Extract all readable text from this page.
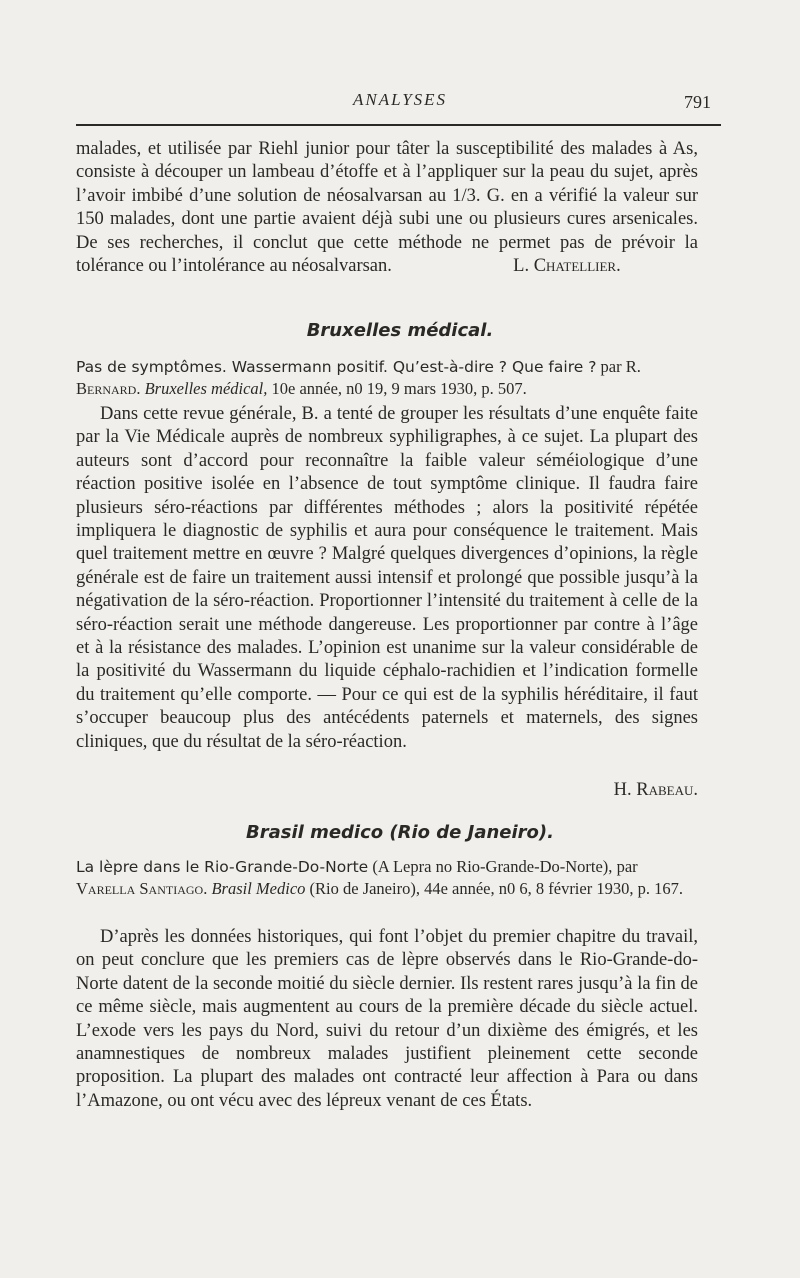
ANALYSES	791

malades, et utilisée par Riehl junior pour tâter la susceptibilité des malades à As, consiste à découper un lambeau d’étoffe et à l’appliquer sur la peau du sujet, après l’avoir imbibé d’une solution de néosalvarsan au 1/3. G. en a vérifié la valeur sur 150 malades, dont une partie avaient déjà subi une ou plusieurs cures arsenicales. De ses recherches, il conclut que cette méthode ne permet pas de prévoir la tolérance ou l’intolérance au néosalvarsan.	L. Chatellier.

Bruxelles médical.

Pas de symptômes. Wassermann positif. Qu’est-à-dire ? Que faire ? par R. Bernard. Bruxelles médical, 10e année, n0 19, 9 mars 1930, p. 507.

Dans cette revue générale, B. a tenté de grouper les résultats d’une enquête faite par la Vie Médicale auprès de nombreux syphiligraphes, à ce sujet. La plupart des auteurs sont d’accord pour reconnaître la faible valeur séméiologique d’une réaction positive isolée en l’absence de tout symptôme clinique. Il faudra faire plusieurs séro-réactions par différentes méthodes ; alors la positivité répétée impliquera le diagnostic de syphilis et aura pour conséquence le traitement. Mais quel traitement mettre en œuvre ? Malgré quelques divergences d’opinions, la règle générale est de faire un traitement aussi intensif et prolongé que possible jusqu’à la négativation de la séro-réaction. Proportionner l’intensité du traitement à celle de la séro-réaction serait une méthode dangereuse. Les proportionner par contre à l’âge et à la résistance des malades. L’opinion est unanime sur la valeur considérable de la positivité du Wassermann du liquide céphalo-rachidien et l’indication formelle du traitement qu’elle comporte. — Pour ce qui est de la syphilis héréditaire, il faut s’occuper beaucoup plus des antécédents paternels et maternels, des signes cliniques, que du résultat de la séro-réaction.

H. Rabeau.
Brasil medico (Rio de Janeiro).

La lèpre dans le Rio-Grande-Do-Norte (A Lepra no Rio-Grande-Do-Norte), par Varella Santiago. Brasil Medico (Rio de Janeiro), 44e année, n0 6, 8 février 1930, p. 167.

D’après les données historiques, qui font l’objet du premier chapitre du travail, on peut conclure que les premiers cas de lèpre observés dans le Rio-Grande-do-Norte datent de la seconde moitié du siècle dernier. Ils restent rares jusqu’à la fin de ce même siècle, mais augmentent au cours de la première décade du siècle actuel. L’exode vers les pays du Nord, suivi du retour d’un dixième des émigrés, et les anamnestiques de nombreux malades justifient pleinement cette seconde proposition. La plupart des malades ont contracté leur affection à Para ou dans l’Amazone, ou ont vécu avec des lépreux venant de ces États.
